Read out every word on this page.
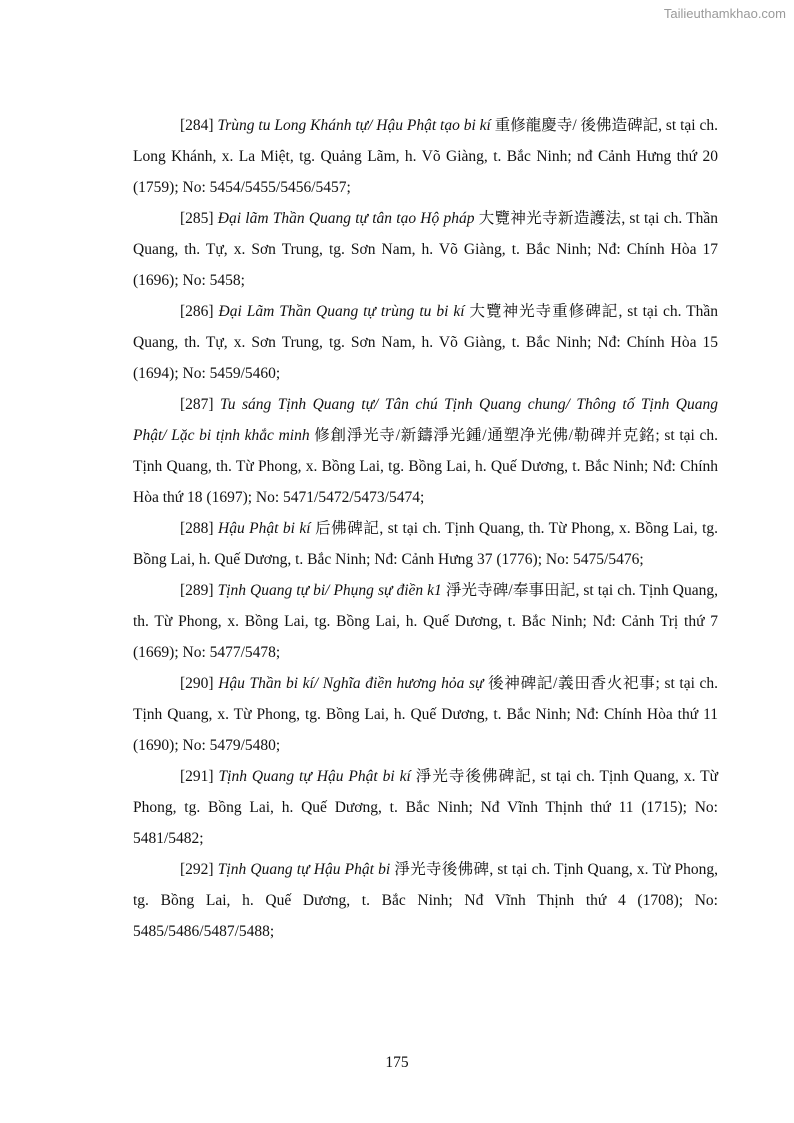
Tailieuthamkhao.com

[284] Trùng tu Long Khánh tự/ Hậu Phật tạo bi kí 重修龍慶寺/ 後佛造碑記, st tại ch. Long Khánh, x. La Miệt, tg. Quảng Lãm, h. Võ Giàng, t. Bắc Ninh; nđ Cảnh Hưng thứ 20 (1759); No: 5454/5455/5456/5457;

[285] Đại lãm Thần Quang tự tân tạo Hộ pháp 大覽神光寺新造護法, st tại ch. Thần Quang, th. Tự, x. Sơn Trung, tg. Sơn Nam, h. Võ Giàng, t. Bắc Ninh; Nđ: Chính Hòa 17 (1696); No: 5458;

[286] Đại Lãm Thần Quang tự trùng tu bi kí 大覽神光寺重修碑記, st tại ch. Thần Quang, th. Tự, x. Sơn Trung, tg. Sơn Nam, h. Võ Giàng, t. Bắc Ninh; Nđ: Chính Hòa 15 (1694); No: 5459/5460;

[287] Tu sáng Tịnh Quang tự/ Tân chú Tịnh Quang chung/ Thông tố Tịnh Quang Phật/ Lặc bi tịnh khắc minh 修創淨光寺/新鑄淨光鍾/通塑净光佛/勒碑并克銘; st tại ch. Tịnh Quang, th. Từ Phong, x. Bồng Lai, tg. Bồng Lai, h. Quế Dương, t. Bắc Ninh; Nđ: Chính Hòa thứ 18 (1697); No: 5471/5472/5473/5474;

[288] Hậu Phật bi kí 后佛碑記, st tại ch. Tịnh Quang, th. Từ Phong, x. Bồng Lai, tg. Bồng Lai, h. Quế Dương, t. Bắc Ninh; Nđ: Cảnh Hưng 37 (1776); No: 5475/5476;

[289] Tịnh Quang tự bi/ Phụng sự điền k1 淨光寺碑/奉事田記, st tại ch. Tịnh Quang, th. Từ Phong, x. Bồng Lai, tg. Bồng Lai, h. Quế Dương, t. Bắc Ninh; Nđ: Cảnh Trị thứ 7 (1669); No: 5477/5478;

[290] Hậu Thần bi kí/ Nghĩa điền hương hỏa sự 後神碑記/義田香火祀事; st tại ch. Tịnh Quang, x. Từ Phong, tg. Bồng Lai, h. Quế Dương, t. Bắc Ninh; Nđ: Chính Hòa thứ 11 (1690); No: 5479/5480;

[291] Tịnh Quang tự Hậu Phật bi kí 淨光寺後佛碑記, st tại ch. Tịnh Quang, x. Từ Phong, tg. Bồng Lai, h. Quế Dương, t. Bắc Ninh; Nđ Vĩnh Thịnh thứ 11 (1715); No: 5481/5482;

[292] Tịnh Quang tự Hậu Phật bi 淨光寺後佛碑, st tại ch. Tịnh Quang, x. Từ Phong, tg. Bồng Lai, h. Quế Dương, t. Bắc Ninh; Nđ Vĩnh Thịnh thứ 4 (1708); No: 5485/5486/5487/5488;

175
